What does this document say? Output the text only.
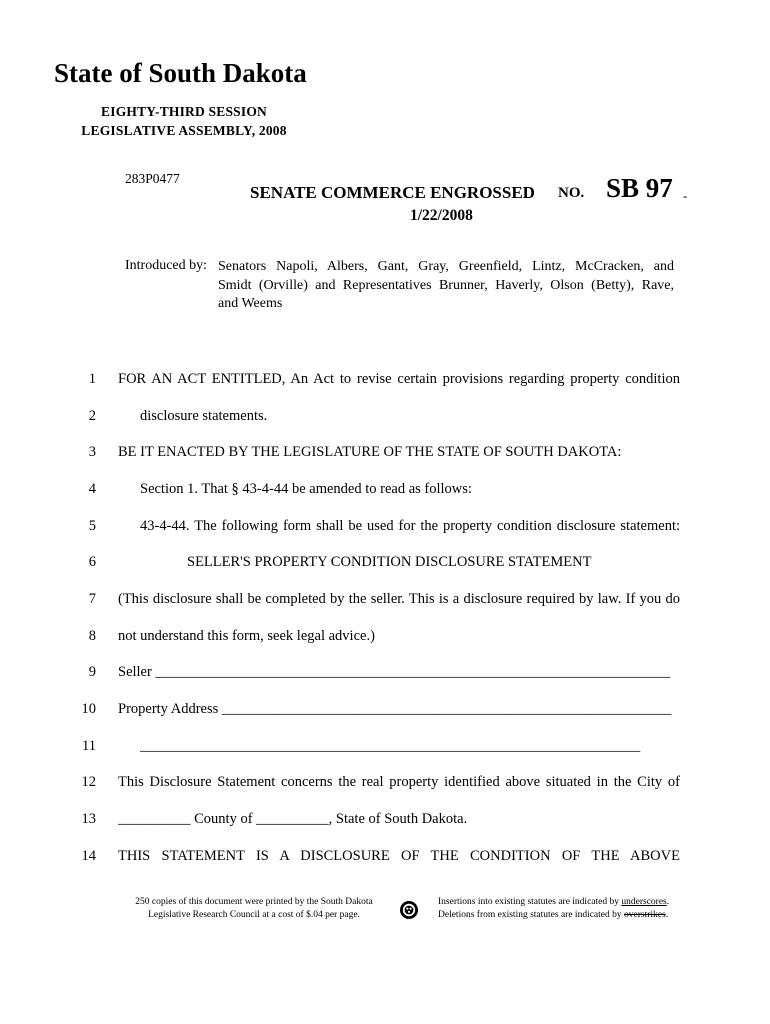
State of South Dakota
EIGHTY-THIRD SESSION
LEGISLATIVE ASSEMBLY, 2008
283P0477
SENATE COMMERCE ENGROSSED NO. SB 97 -
1/22/2008
Introduced by: Senators Napoli, Albers, Gant, Gray, Greenfield, Lintz, McCracken, and
Smidt (Orville) and Representatives Brunner, Haverly, Olson (Betty), Rave,
and Weems
1 FOR AN ACT ENTITLED, An Act to revise certain provisions regarding property condition
2	disclosure statements.
3 BE IT ENACTED BY THE LEGISLATURE OF THE STATE OF SOUTH DAKOTA:
4	Section 1. That § 43-4-44 be amended to read as follows:
5	43-4-44. The following form shall be used for the property condition disclosure statement:
6	SELLER'S PROPERTY CONDITION DISCLOSURE STATEMENT
7 (This disclosure shall be completed by the seller. This is a disclosure required by law. If you do
8 not understand this form, seek legal advice.)
9 Seller _______________________________________________________________________
10 Property Address ______________________________________________________________
11	_____________________________________________________________________
12 This Disclosure Statement concerns the real property identified above situated in the City of
13 __________ County of __________, State of South Dakota.
14 THIS STATEMENT IS A DISCLOSURE OF THE CONDITION OF THE ABOVE
250 copies of this document were printed by the South Dakota
Legislative Research Council at a cost of $.04 per page.
Insertions into existing statutes are indicated by underscores.
Deletions from existing statutes are indicated by overstrikes.
